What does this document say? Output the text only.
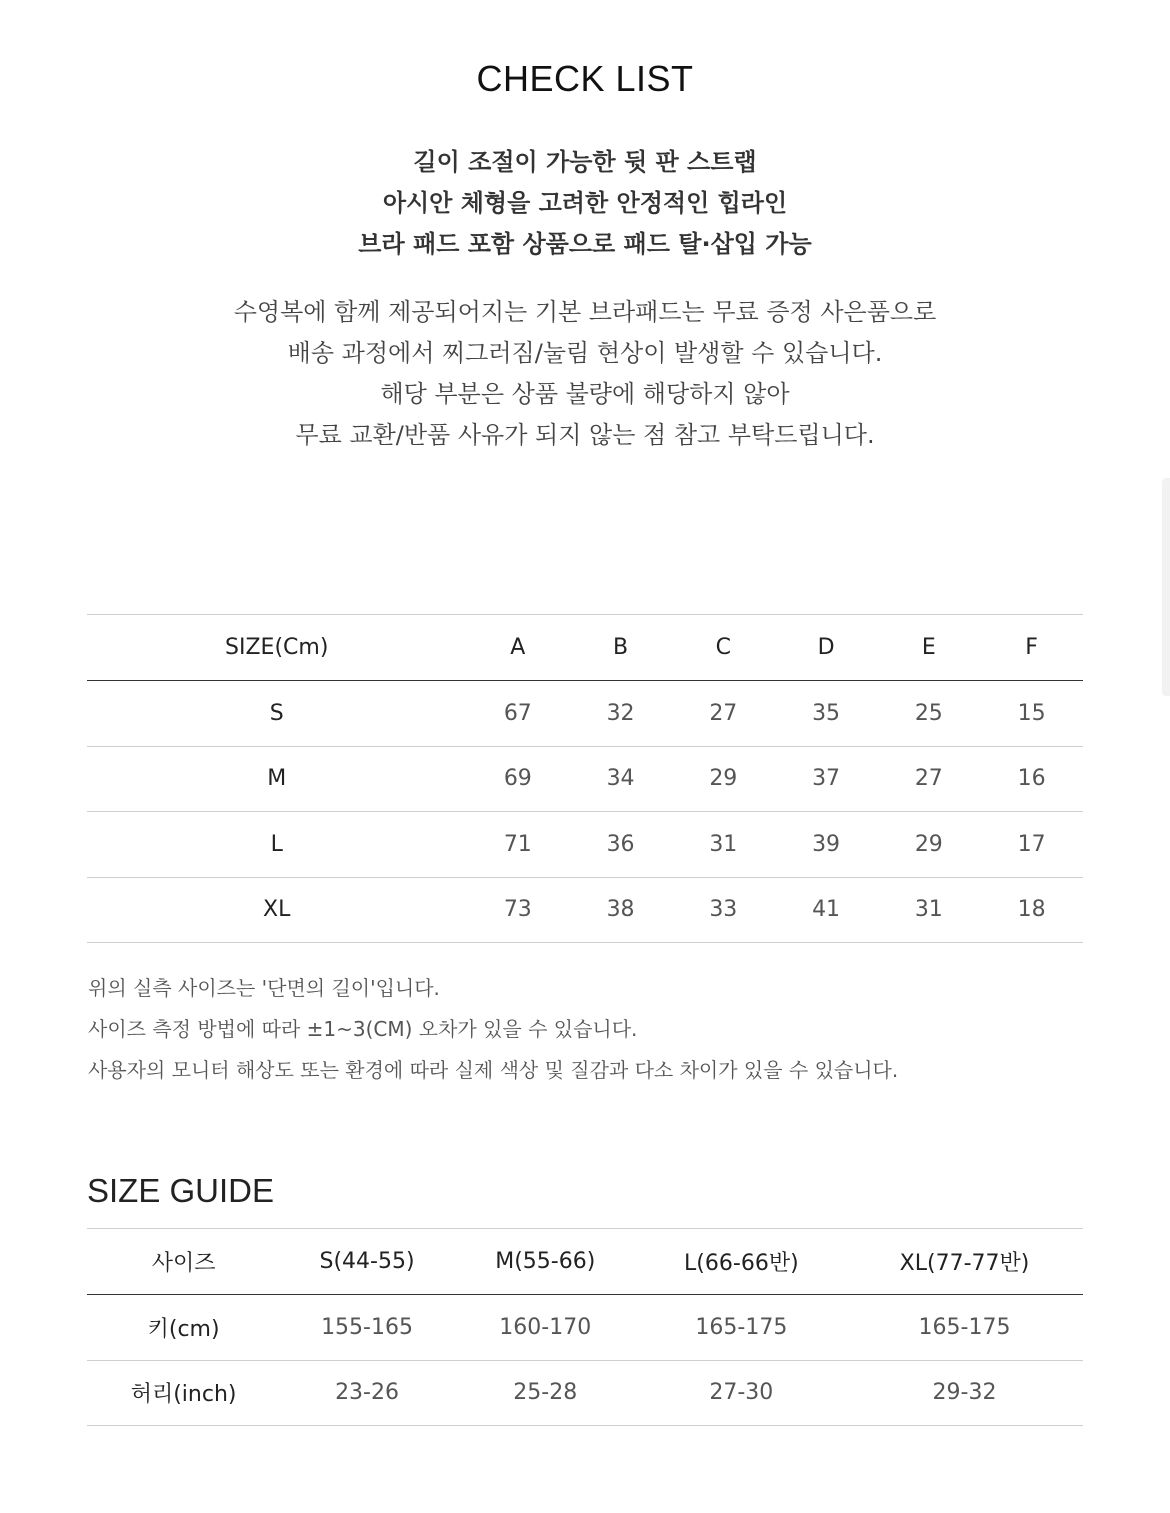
CHECK LIST
길이 조절이 가능한 뒷 판 스트랩
아시안 체형을 고려한 안정적인 힙라인
브라 패드 포함 상품으로 패드 탈·삽입 가능
수영복에 함께 제공되어지는 기본 브라패드는 무료 증정 사은품으로
배송 과정에서 찌그러짐/눌림 현상이 발생할 수 있습니다.
해당 부분은 상품 불량에 해당하지 않아
무료 교환/반품 사유가 되지 않는 점 참고 부탁드립니다.
SIZE(Cm)	A	B	C	D	E	F
S	67	32	27	35	25	15
M	69	34	29	37	27	16
L	71	36	31	39	29	17
XL	73	38	33	41	31	18
위의 실측 사이즈는 '단면의 길이'입니다.
사이즈 측정 방법에 따라 ±1~3(CM) 오차가 있을 수 있습니다.
사용자의 모니터 해상도 또는 환경에 따라 실제 색상 및 질감과 다소 차이가 있을 수 있습니다.
SIZE GUIDE
사이즈	S(44-55)	M(55-66)	L(66-66반)	XL(77-77반)
키(cm)	155-165	160-170	165-175	165-175
허리(inch)	23-26	25-28	27-30	29-32
